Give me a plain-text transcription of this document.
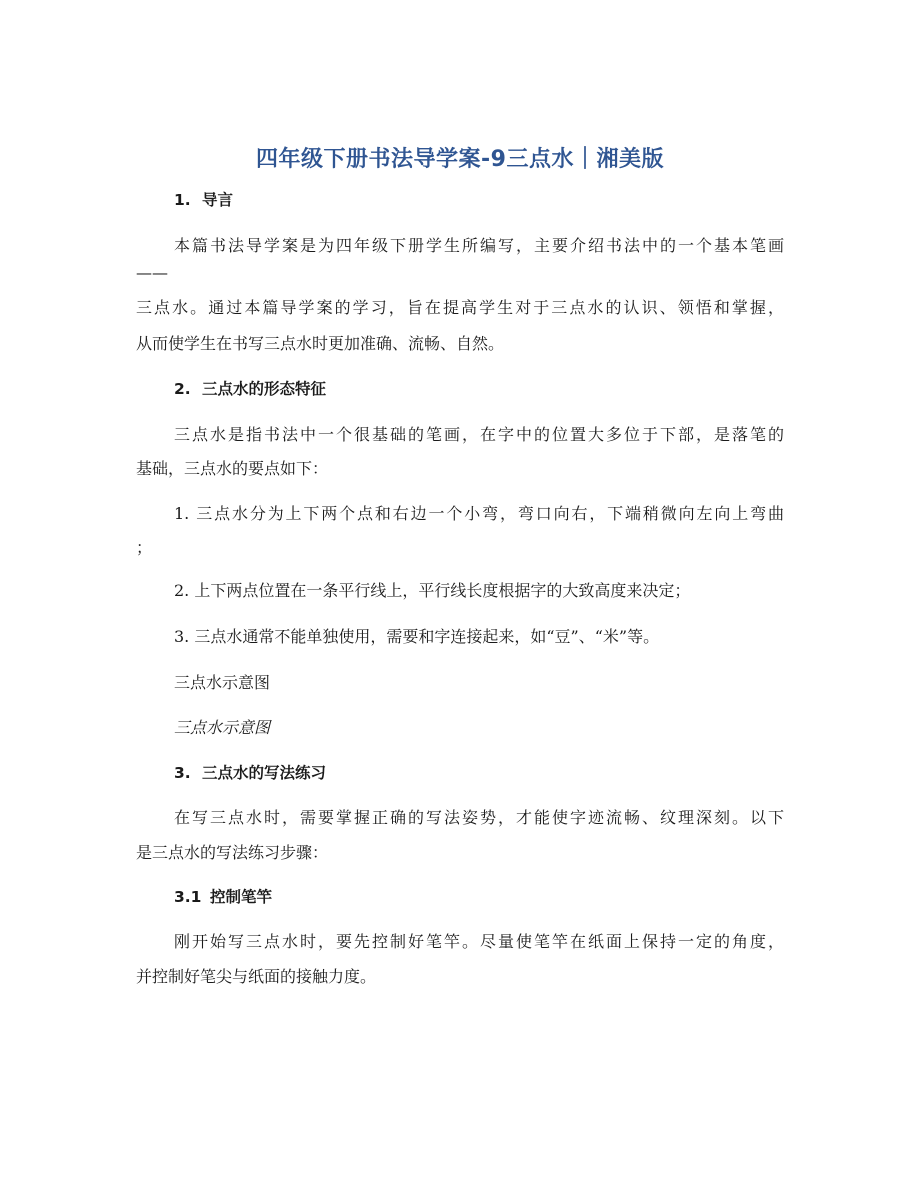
四年级下册书法导学案-9三点水｜湘美版
1. 导言
本篇书法导学案是为四年级下册学生所编写，主要介绍书法中的一个基本笔画
——
三点水。通过本篇导学案的学习，旨在提高学生对于三点水的认识、领悟和掌握，
从而使学生在书写三点水时更加准确、流畅、自然。
2. 三点水的形态特征
三点水是指书法中一个很基础的笔画，在字中的位置大多位于下部，是落笔的
基础，三点水的要点如下：
1. 三点水分为上下两个点和右边一个小弯，弯口向右，下端稍微向左向上弯曲
；
2. 上下两点位置在一条平行线上，平行线长度根据字的大致高度来决定；
3. 三点水通常不能单独使用，需要和字连接起来，如“豆”、“米”等。
三点水示意图
三点水示意图
3. 三点水的写法练习
在写三点水时，需要掌握正确的写法姿势，才能使字迹流畅、纹理深刻。以下
是三点水的写法练习步骤：
3.1 控制笔竿
刚开始写三点水时，要先控制好笔竿。尽量使笔竿在纸面上保持一定的角度，
并控制好笔尖与纸面的接触力度。
